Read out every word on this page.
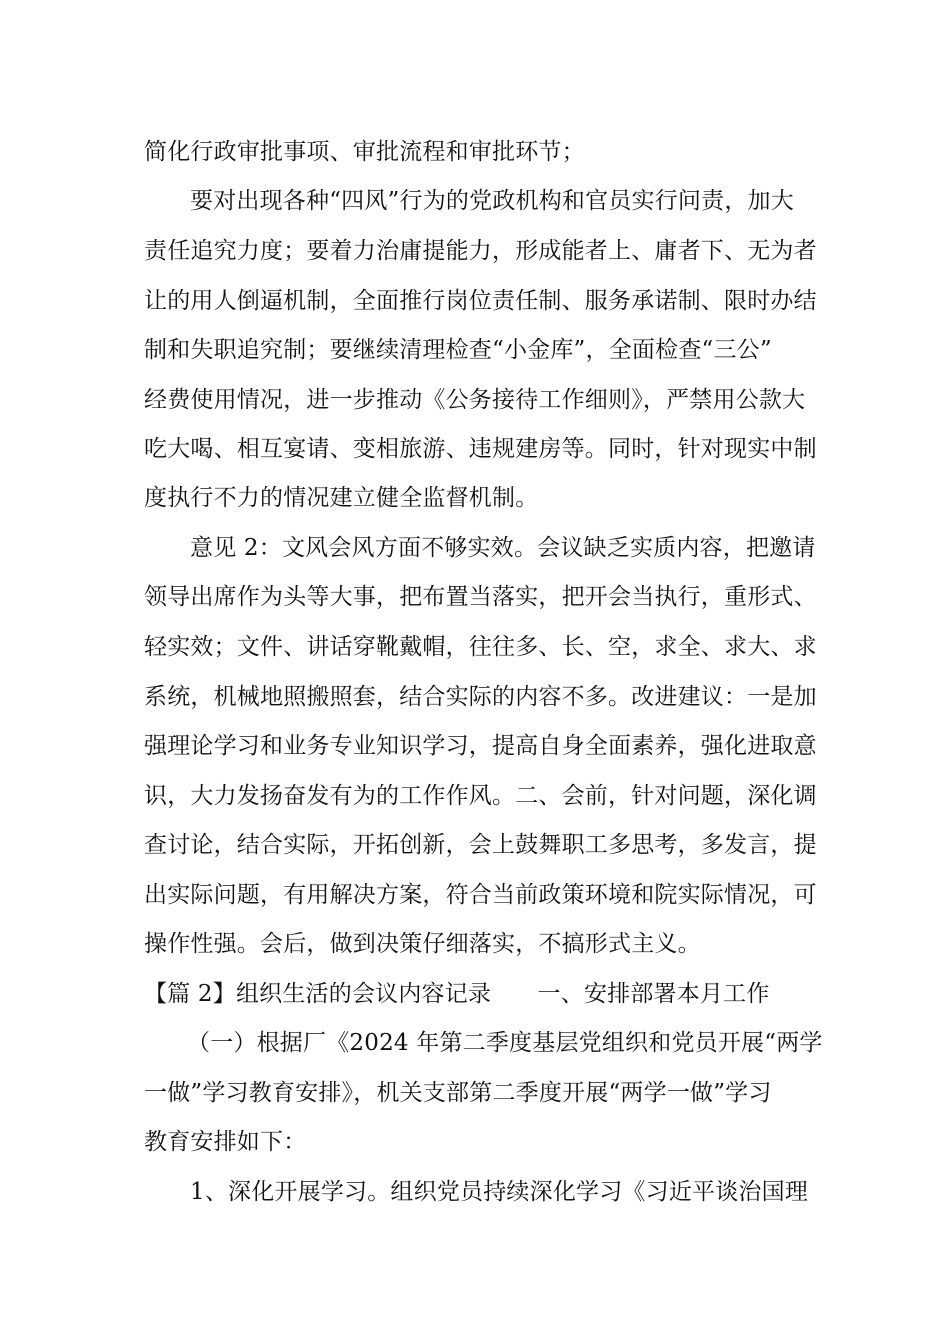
简化行政审批事项、审批流程和审批环节；
要对出现各种“四风”行为的党政机构和官员实行问责，加大
责任追究力度；要着力治庸提能力，形成能者上、庸者下、无为者
让的用人倒逼机制，全面推行岗位责任制、服务承诺制、限时办结
制和失职追究制；要继续清理检查“小金库”，全面检查“三公”
经费使用情况，进一步推动《公务接待工作细则》，严禁用公款大
吃大喝、相互宴请、变相旅游、违规建房等。同时，针对现实中制
度执行不力的情况建立健全监督机制。
意见 2：文风会风方面不够实效。会议缺乏实质内容，把邀请
领导出席作为头等大事，把布置当落实，把开会当执行，重形式、
轻实效；文件、讲话穿靴戴帽，往往多、长、空，求全、求大、求
系统，机械地照搬照套，结合实际的内容不多。改进建议：一是加
强理论学习和业务专业知识学习，提高自身全面素养，强化进取意
识，大力发扬奋发有为的工作作风。二、会前，针对问题，深化调
查讨论，结合实际，开拓创新，会上鼓舞职工多思考，多发言，提
出实际问题，有用解决方案，符合当前政策环境和院实际情况，可
操作性强。会后，做到决策仔细落实，不搞形式主义。
【篇 2】组织生活的会议内容记录　　一、安排部署本月工作
（一）根据厂《2024 年第二季度基层党组织和党员开展“两学
一做”学习教育安排》，机关支部第二季度开展“两学一做”学习
教育安排如下：
1、深化开展学习。组织党员持续深化学习《习近平谈治国理
